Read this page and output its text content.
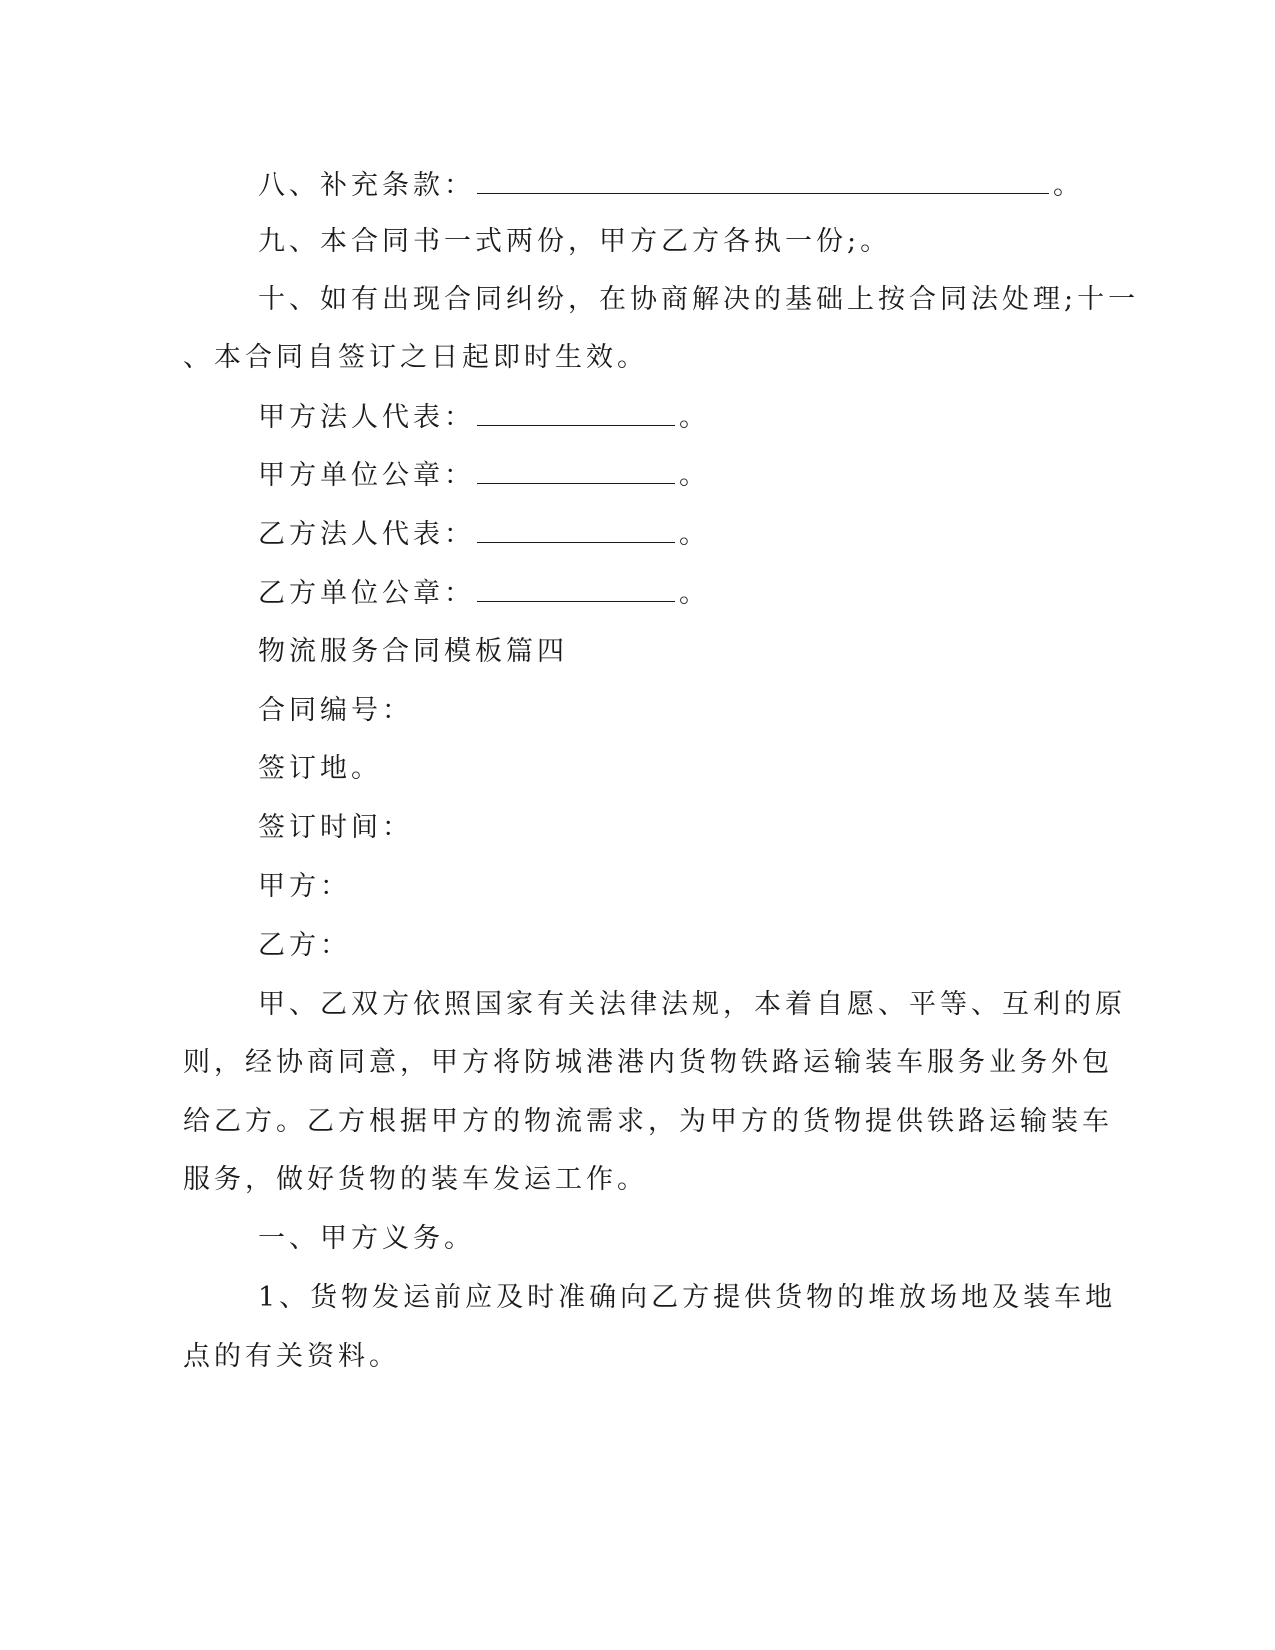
八、补充条款：	。
九、本合同书一式两份，甲方乙方各执一份;。
十、如有出现合同纠纷，在协商解决的基础上按合同法处理;十一
、本合同自签订之日起即时生效。
甲方法人代表：	。
甲方单位公章：	。
乙方法人代表：	。
乙方单位公章：	。
物流服务合同模板篇四
合同编号：
签订地。
签订时间：
甲方：
乙方：
甲、乙双方依照国家有关法律法规，本着自愿、平等、互利的原
则，经协商同意，甲方将防城港港内货物铁路运输装车服务业务外包
给乙方。乙方根据甲方的物流需求，为甲方的货物提供铁路运输装车
服务，做好货物的装车发运工作。
一、甲方义务。
1、货物发运前应及时准确向乙方提供货物的堆放场地及装车地
点的有关资料。
